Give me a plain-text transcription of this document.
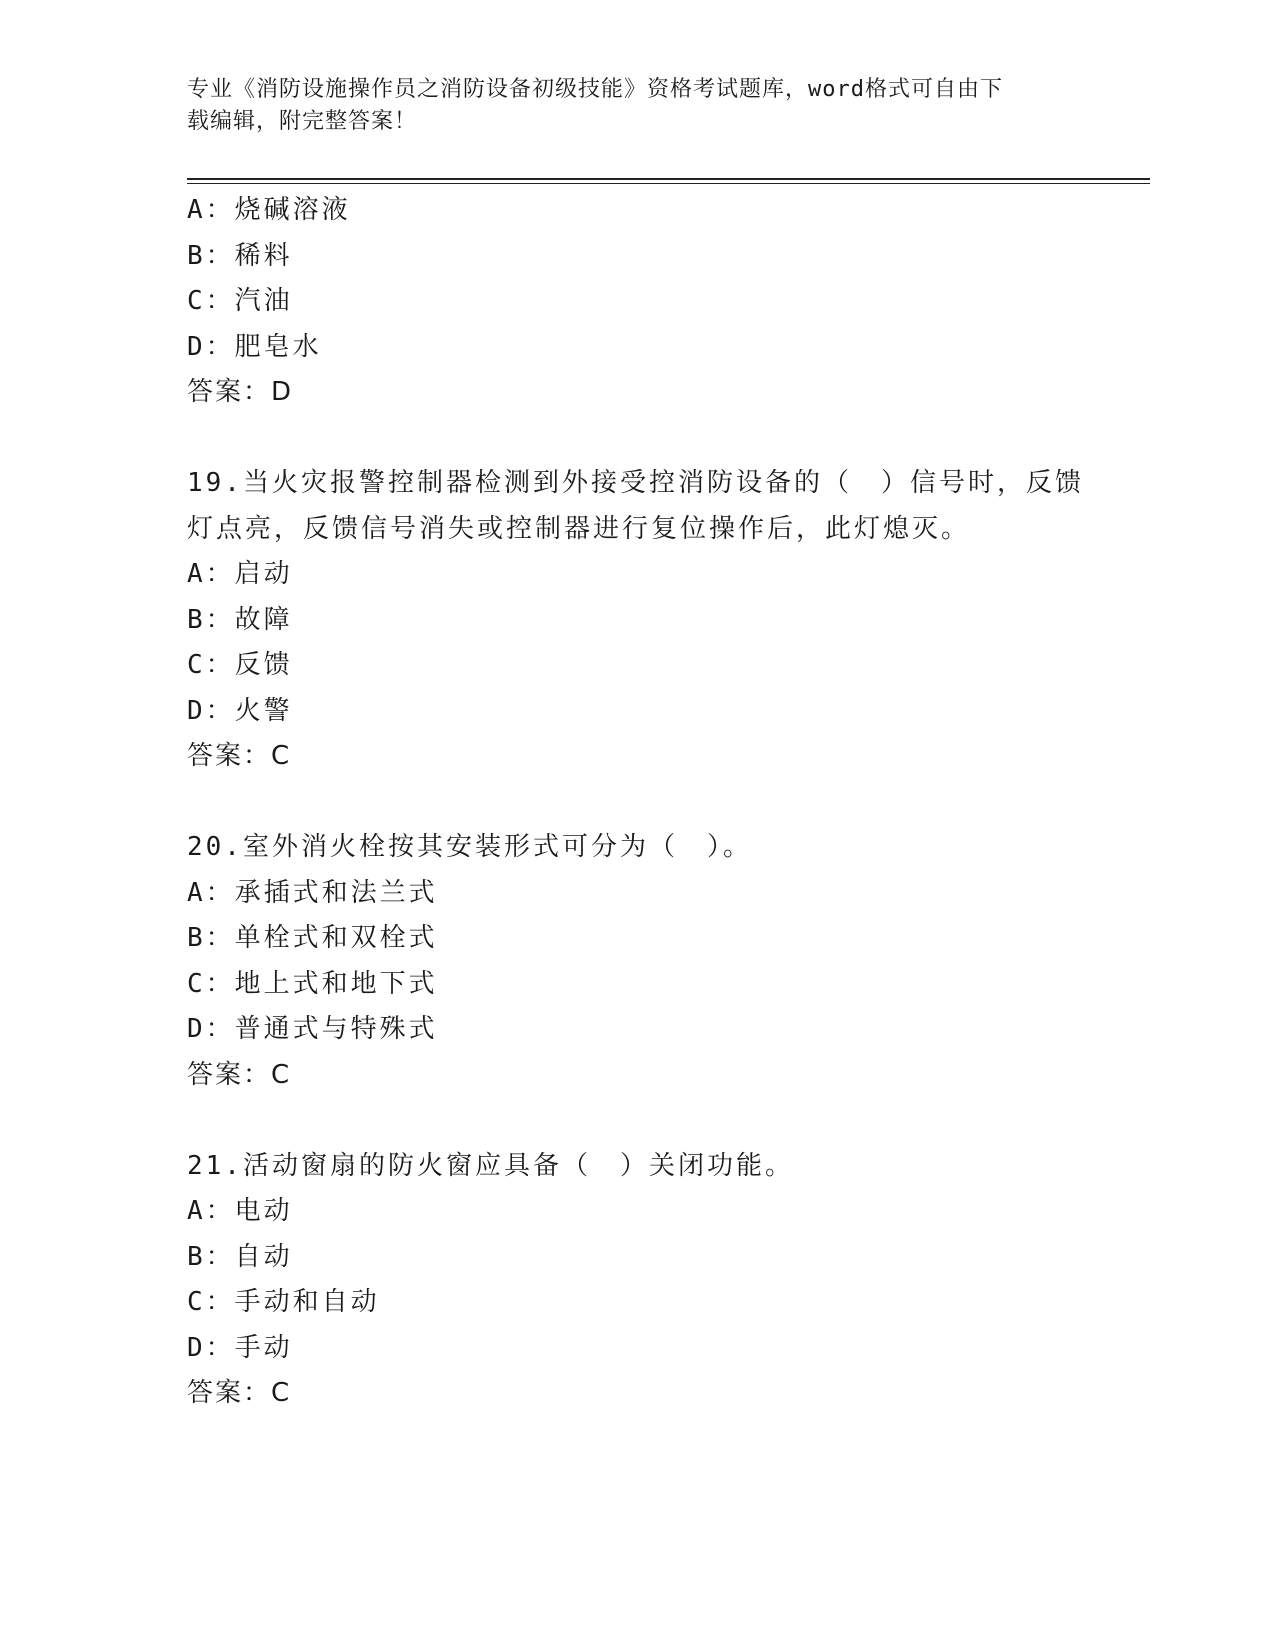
专业《消防设施操作员之消防设备初级技能》资格考试题库，word格式可自由下
载编辑，附完整答案！
A：烧碱溶液
B：稀料
C：汽油
D：肥皂水
答案：D
19.当火灾报警控制器检测到外接受控消防设备的（　）信号时，反馈
灯点亮，反馈信号消失或控制器进行复位操作后，此灯熄灭。
A：启动
B：故障
C：反馈
D：火警
答案：C
20.室外消火栓按其安装形式可分为（　）。
A：承插式和法兰式
B：单栓式和双栓式
C：地上式和地下式
D：普通式与特殊式
答案：C
21.活动窗扇的防火窗应具备（　）关闭功能。
A：电动
B：自动
C：手动和自动
D：手动
答案：C
